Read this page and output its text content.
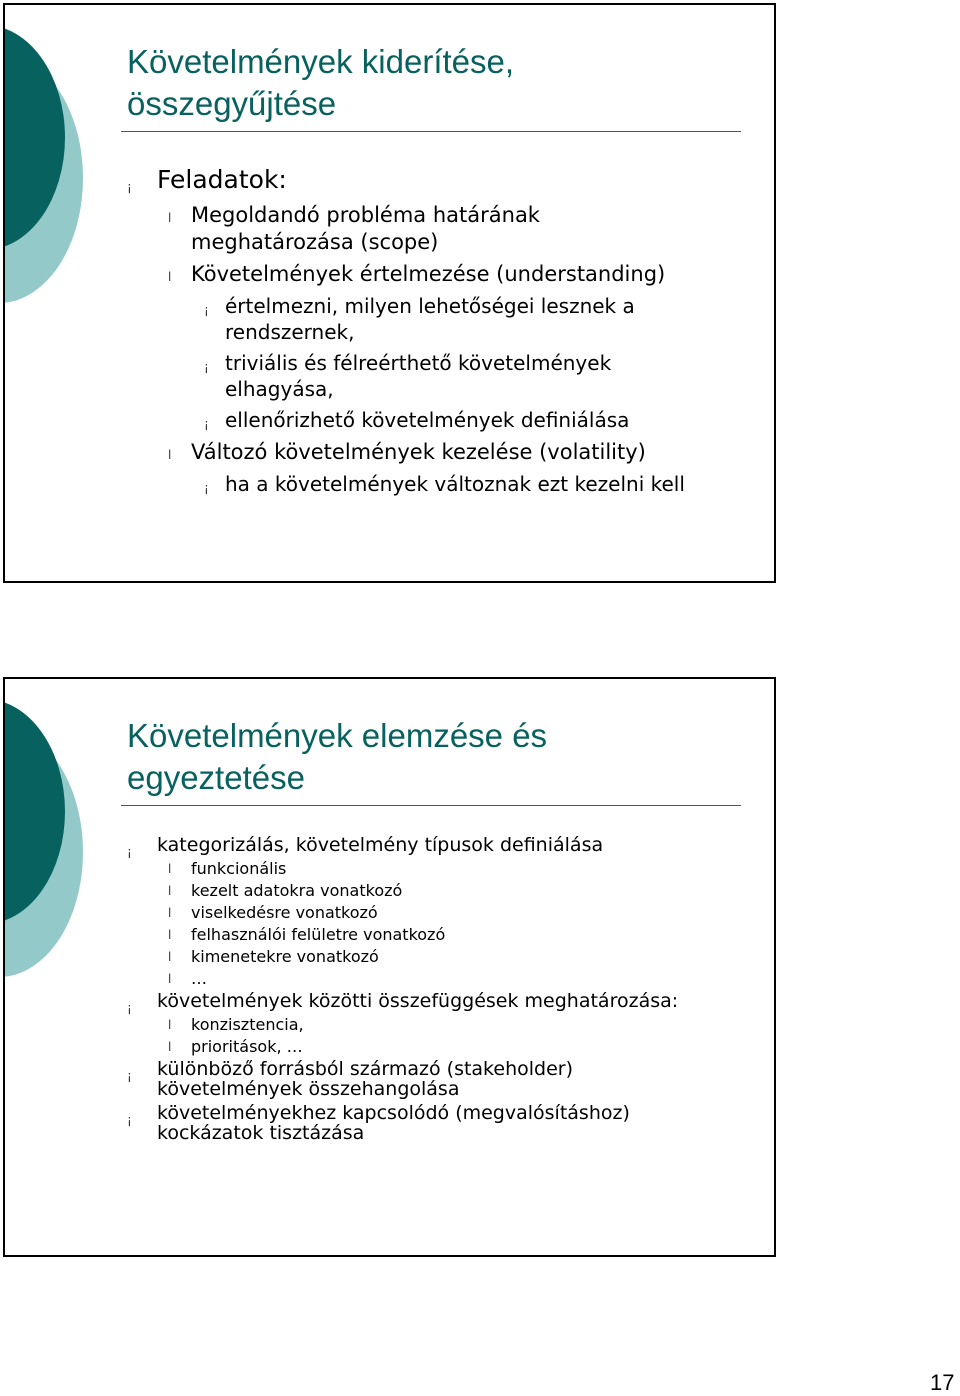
Követelmények kiderítése,
összegyűjtése
¡ Feladatok:
l Megoldandó probléma határának
meghatározása (scope)
l Követelmények értelmezése (understanding)
¡ értelmezni, milyen lehetőségei lesznek a
rendszernek,
¡ triviális és félreérthető követelmények
elhagyása,
¡ ellenőrizhető követelmények definiálása
l Változó követelmények kezelése (volatility)
¡ ha a követelmények változnak ezt kezelni kell
Követelmények elemzése és
egyeztetése
¡ kategorizálás, követelmény típusok definiálása
l funkcionális
l kezelt adatokra vonatkozó
l viselkedésre vonatkozó
l felhasználói felületre vonatkozó
l kimenetekre vonatkozó
l …
¡ követelmények közötti összefüggések meghatározása:
l konzisztencia,
l prioritások, …
¡ különböző forrásból származó (stakeholder)
követelmények összehangolása
¡ követelményekhez kapcsolódó (megvalósításhoz)
kockázatok tisztázása
17
